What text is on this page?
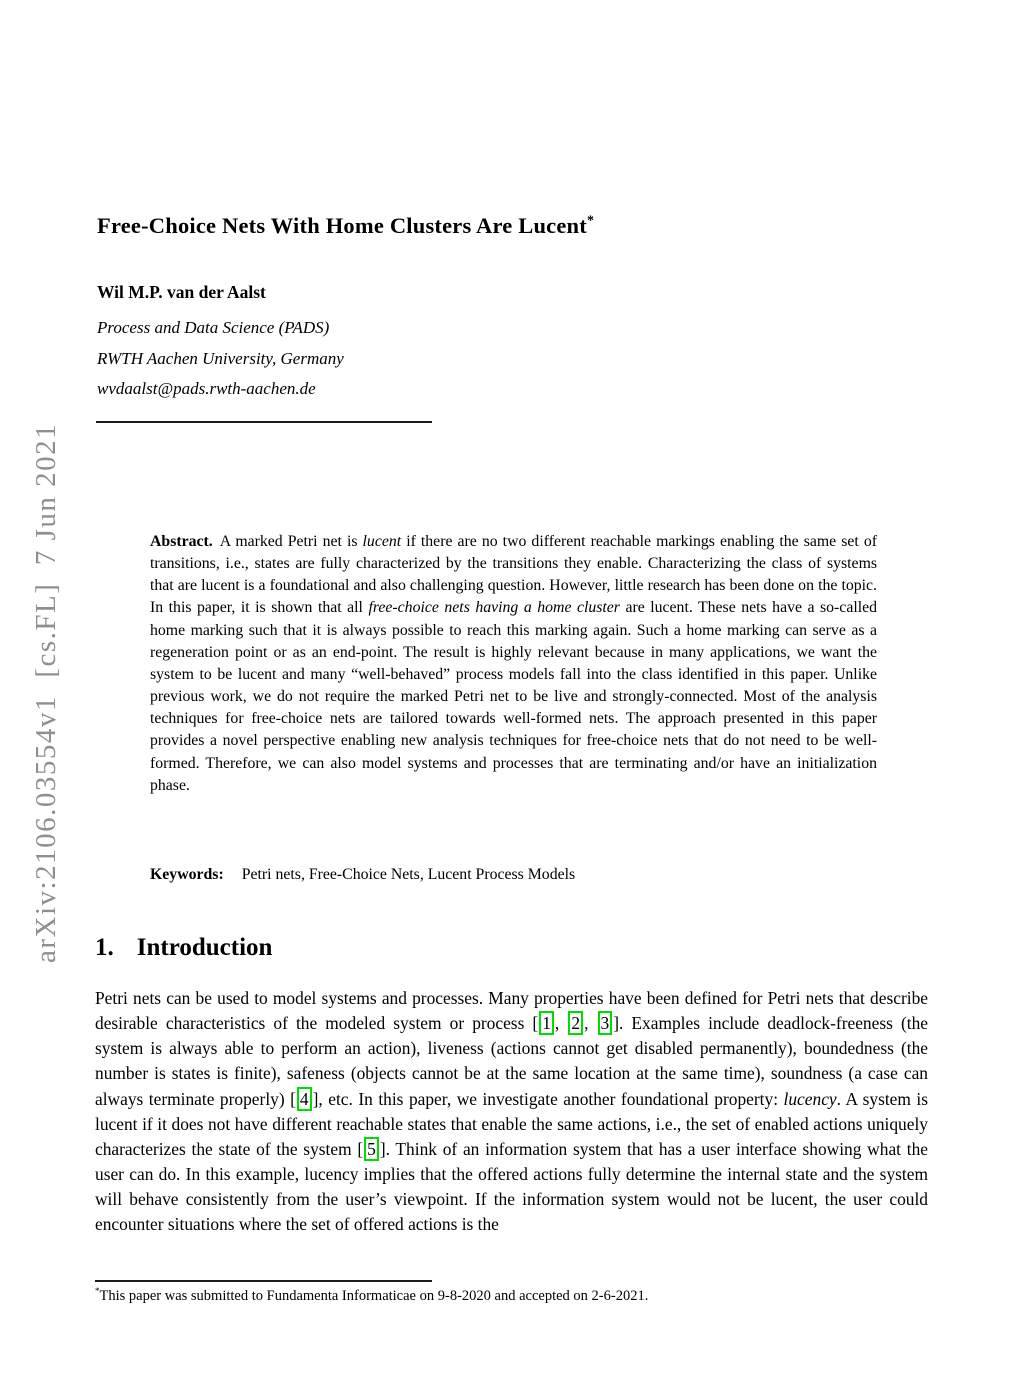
arXiv:2106.03554v1  [cs.FL]  7 Jun 2021
Free-Choice Nets With Home Clusters Are Lucent*
Wil M.P. van der Aalst
Process and Data Science (PADS)
RWTH Aachen University, Germany
wvdaalst@pads.rwth-aachen.de
Abstract. A marked Petri net is lucent if there are no two different reachable markings enabling the same set of transitions, i.e., states are fully characterized by the transitions they enable. Characterizing the class of systems that are lucent is a foundational and also challenging question. However, little research has been done on the topic. In this paper, it is shown that all free-choice nets having a home cluster are lucent. These nets have a so-called home marking such that it is always possible to reach this marking again. Such a home marking can serve as a regeneration point or as an end-point. The result is highly relevant because in many applications, we want the system to be lucent and many “well-behaved” process models fall into the class identified in this paper. Unlike previous work, we do not require the marked Petri net to be live and strongly-connected. Most of the analysis techniques for free-choice nets are tailored towards well-formed nets. The approach presented in this paper provides a novel perspective enabling new analysis techniques for free-choice nets that do not need to be well-formed. Therefore, we can also model systems and processes that are terminating and/or have an initialization phase.
Keywords: Petri nets, Free-Choice Nets, Lucent Process Models
1. Introduction
Petri nets can be used to model systems and processes. Many properties have been defined for Petri nets that describe desirable characteristics of the modeled system or process [ 1 , 2 , 3 ]. Examples include deadlock-freeness (the system is always able to perform an action), liveness (actions cannot get disabled permanently), boundedness (the number is states is finite), safeness (objects cannot be at the same location at the same time), soundness (a case can always terminate properly) [ 4 ], etc. In this paper, we investigate another foundational property: lucency. A system is lucent if it does not have different reachable states that enable the same actions, i.e., the set of enabled actions uniquely characterizes the state of the system [ 5 ]. Think of an information system that has a user interface showing what the user can do. In this example, lucency implies that the offered actions fully determine the internal state and the system will behave consistently from the user’s viewpoint. If the information system would not be lucent, the user could encounter situations where the set of offered actions is the
*This paper was submitted to Fundamenta Informaticae on 9-8-2020 and accepted on 2-6-2021.
